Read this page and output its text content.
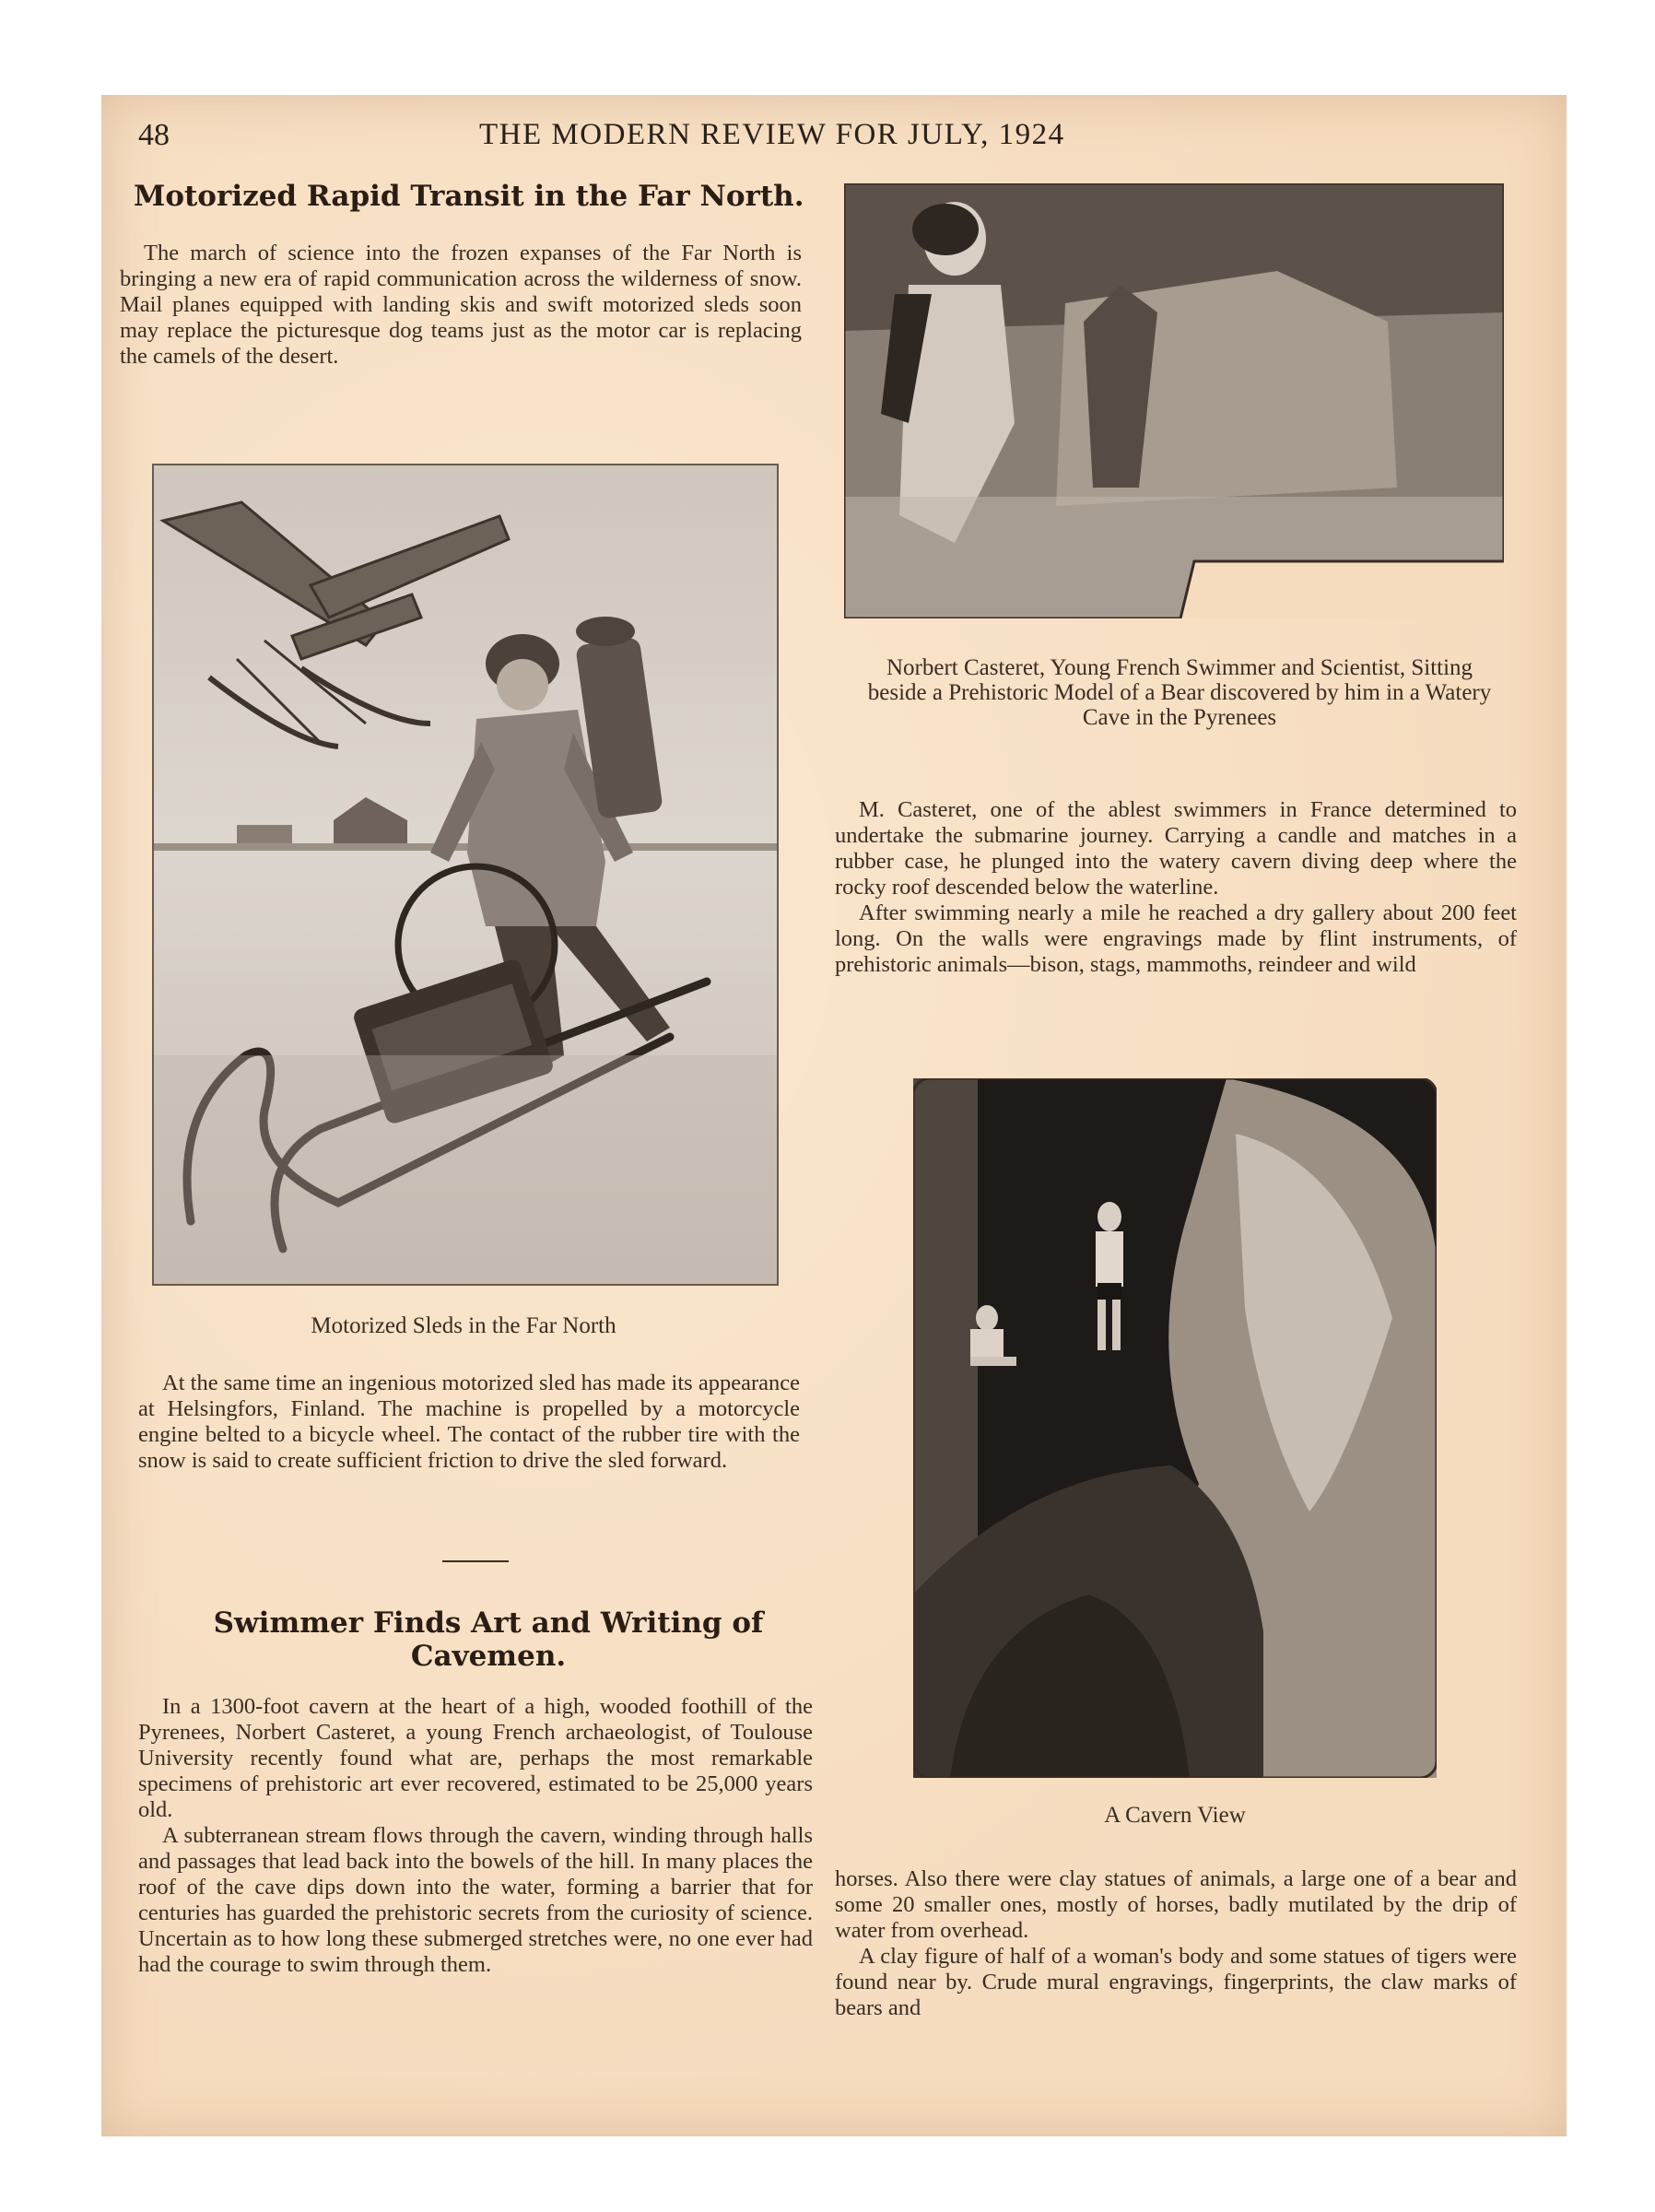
48	THE MODERN REVIEW FOR JULY, 1924
Motorized Rapid Transit in the Far North.

The march of science into the frozen expanses of the Far North is bringing a new era of rapid communication across the wilderness of snow. Mail planes equipped with landing skis and swift motorized sleds soon may replace the picturesque dog teams just as the motor car is replacing the camels of the desert.

Motorized Sleds in the Far North

At the same time an ingenious motorized sled has made its appearance at Helsingfors, Finland. The machine is propelled by a motorcycle engine belted to a bicycle wheel. The contact of the rubber tire with the snow is said to create sufficient friction to drive the sled forward.

Swimmer Finds Art and Writing of Cavemen.

In a 1300-foot cavern at the heart of a high, wooded foothill of the Pyrenees, Norbert Casteret, a young French archaeologist, of Toulouse University recently found what are, perhaps the most remarkable specimens of prehistoric art ever recovered, estimated to be 25,000 years old.

A subterranean stream flows through the cavern, winding through halls and passages that lead back into the bowels of the hill. In many places the roof of the cave dips down into the water, forming a barrier that for centuries has guarded the prehistoric secrets from the curiosity of science. Uncertain as to how long these submerged stretches were, no one ever had had the courage to swim through them.

Norbert Casteret, Young French Swimmer and Scientist, Sitting beside a Prehistoric Model of a Bear discovered by him in a Watery Cave in the Pyrenees

M. Casteret, one of the ablest swimmers in France determined to undertake the submarine journey. Carrying a candle and matches in a rubber case, he plunged into the watery cavern diving deep where the rocky roof descended below the waterline.

After swimming nearly a mile he reached a dry gallery about 200 feet long. On the walls were engravings made by flint instruments, of prehistoric animals—bison, stags, mammoths, reindeer and wild

A Cavern View

horses. Also there were clay statues of animals, a large one of a bear and some 20 smaller ones, mostly of horses, badly mutilated by the drip of water from overhead.

A clay figure of half of a woman's body and some statues of tigers were found near by. Crude mural engravings, fingerprints, the claw marks of bears and
